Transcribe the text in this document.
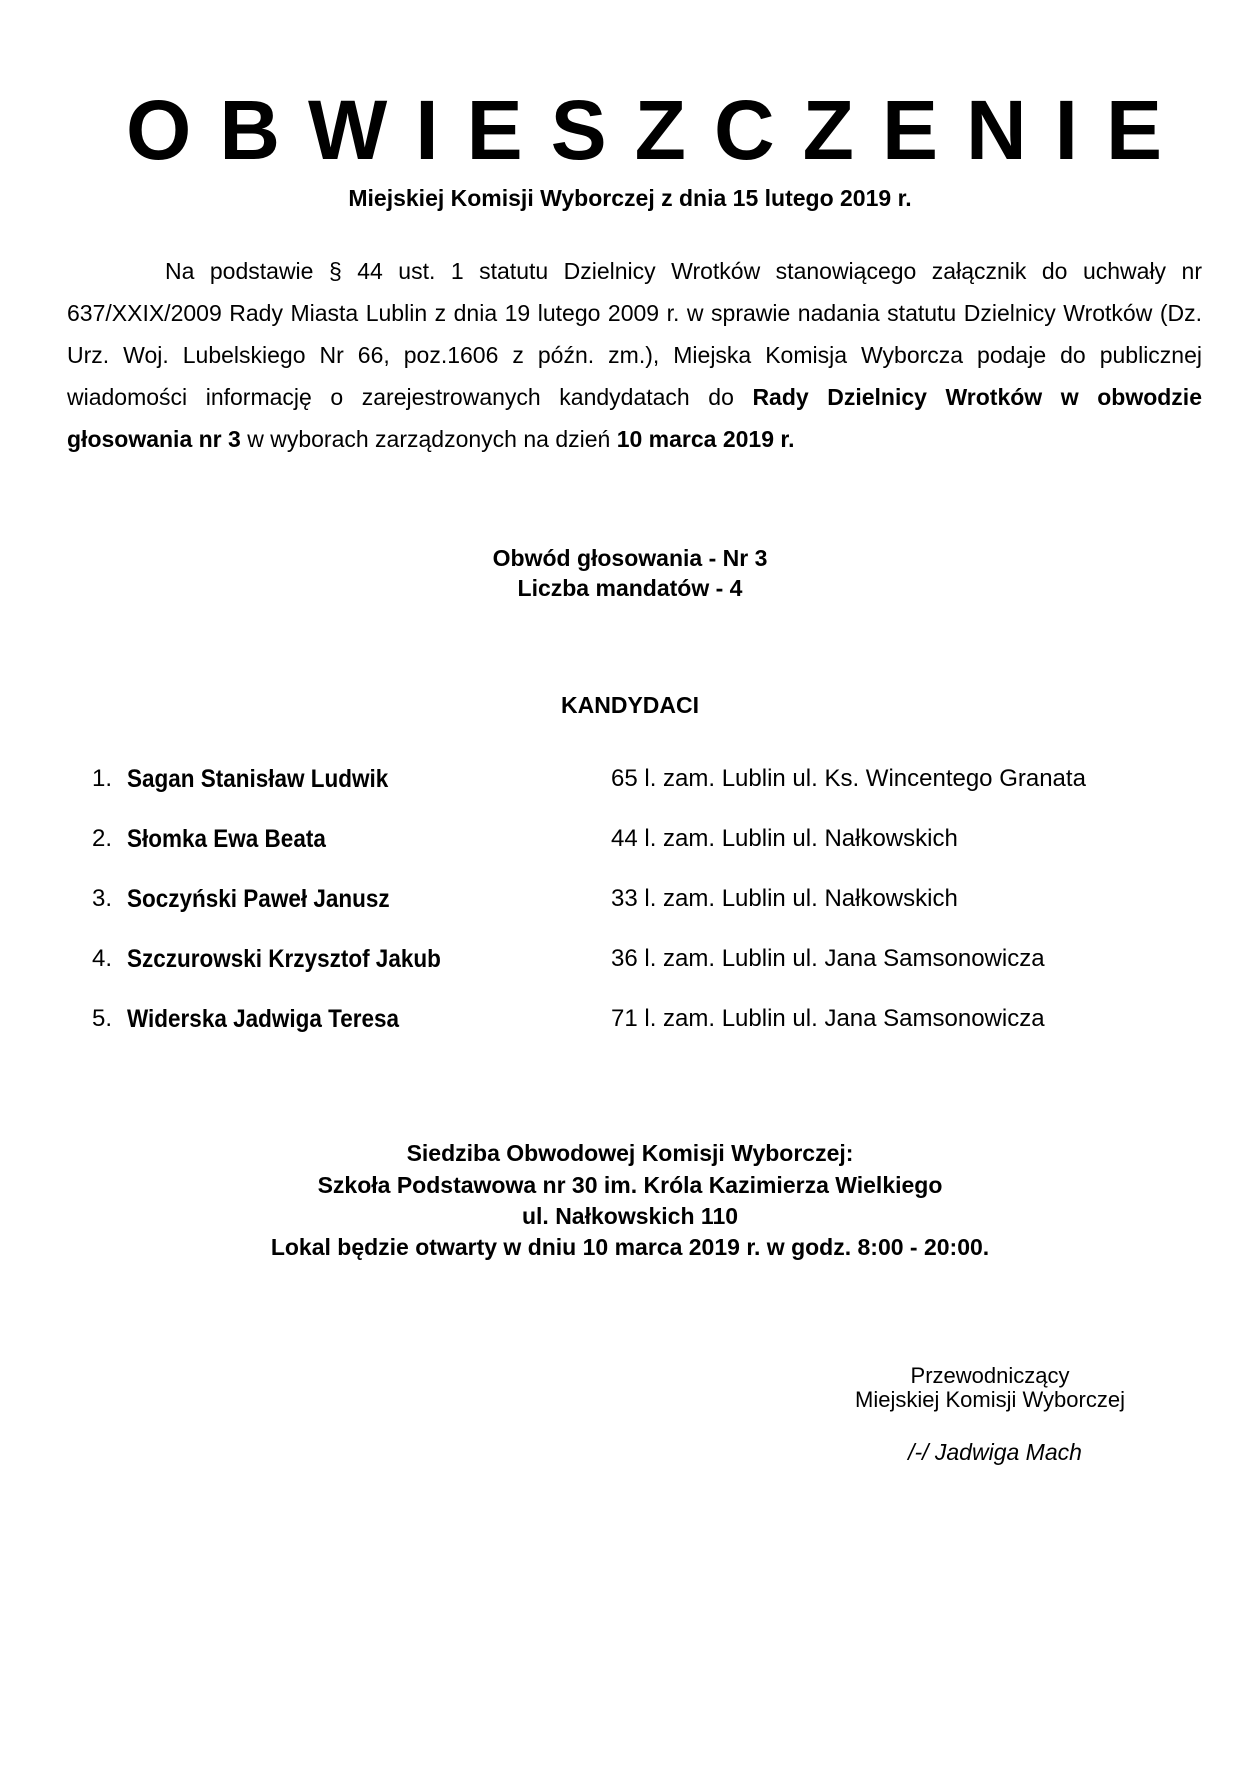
OBWIESZCZENIE
Miejskiej Komisji Wyborczej z dnia 15 lutego 2019 r.
Na podstawie § 44 ust. 1 statutu Dzielnicy Wrotków stanowiącego załącznik do uchwały nr 637/XXIX/2009 Rady Miasta Lublin z dnia 19 lutego 2009 r. w sprawie nadania statutu Dzielnicy Wrotków (Dz. Urz. Woj. Lubelskiego Nr 66, poz.1606 z późn. zm.), Miejska Komisja Wyborcza podaje do publicznej wiadomości informację o zarejestrowanych kandydatach do Rady Dzielnicy Wrotków w obwodzie głosowania nr 3 w wyborach zarządzonych na dzień 10 marca 2019 r.
Obwód głosowania - Nr 3
Liczba mandatów - 4
KANDYDACI
1. Sagan Stanisław Ludwik	65 l. zam. Lublin ul. Ks. Wincentego Granata
2. Słomka Ewa Beata	44 l. zam. Lublin ul. Nałkowskich
3. Soczyński Paweł Janusz	33 l. zam. Lublin ul. Nałkowskich
4. Szczurowski Krzysztof Jakub	36 l. zam. Lublin ul. Jana Samsonowicza
5. Widerska Jadwiga Teresa	71 l. zam. Lublin ul. Jana Samsonowicza
Siedziba Obwodowej Komisji Wyborczej:
Szkoła Podstawowa nr 30 im. Króla Kazimierza Wielkiego
ul. Nałkowskich 110
Lokal będzie otwarty w dniu 10 marca 2019 r. w godz. 8:00 - 20:00.
Przewodniczący
Miejskiej Komisji Wyborczej
/-/ Jadwiga Mach
